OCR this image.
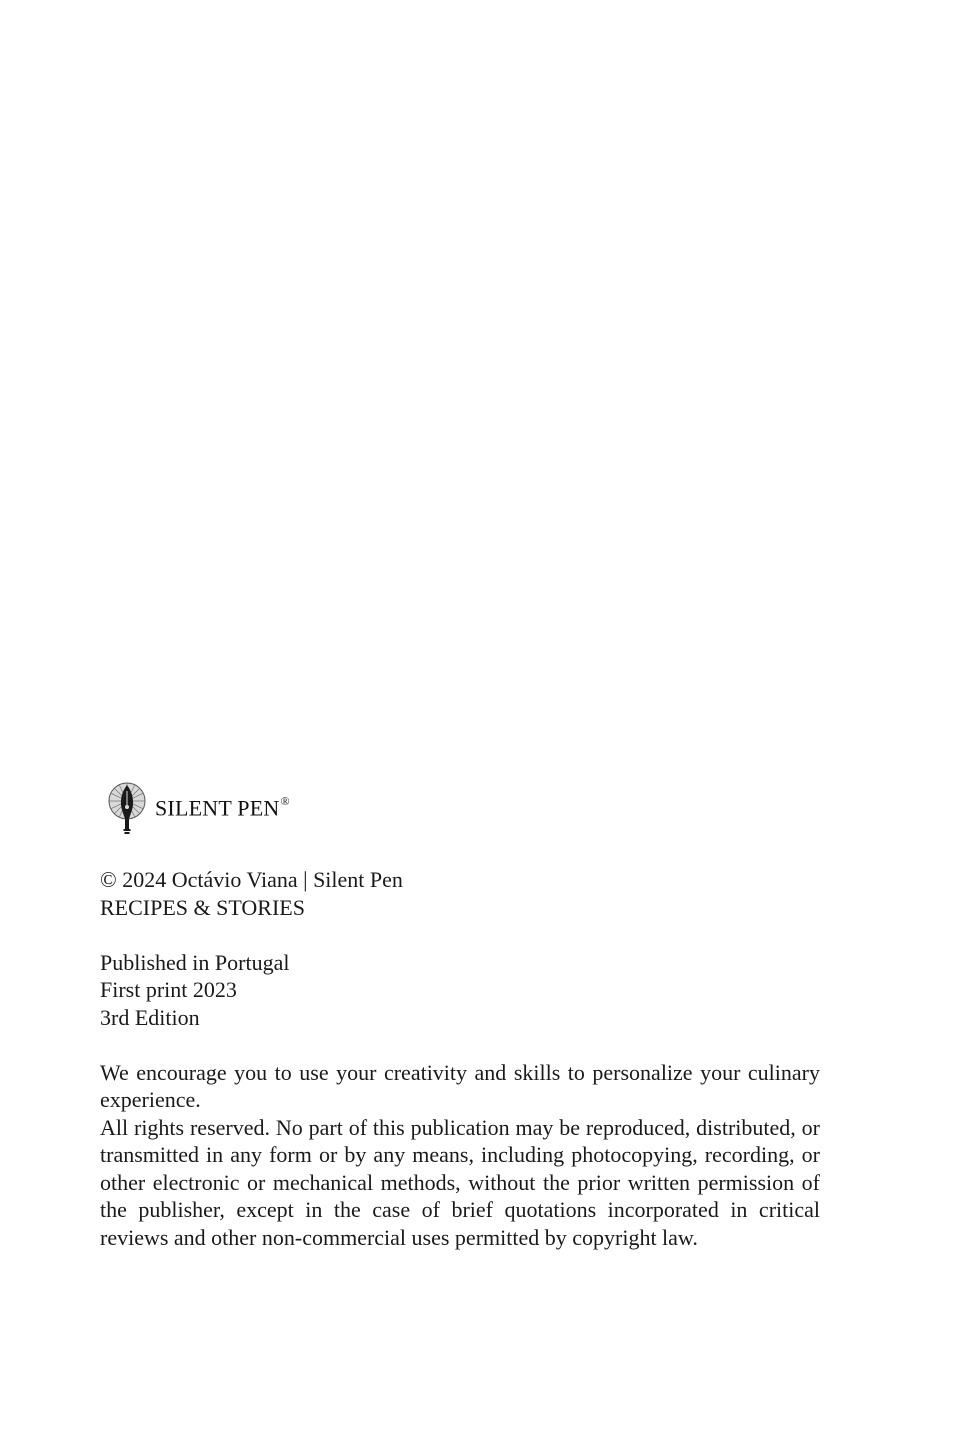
SILENT PEN®
© 2024 Octávio Viana | Silent Pen
RECIPES & STORIES
Published in Portugal
First print 2023
3rd Edition
We encourage you to use your creativity and skills to personalize your culinary experience.
All rights reserved. No part of this publication may be reproduced, distributed, or transmitted in any form or by any means, including photocopying, recording, or other electronic or mechanical methods, without the prior written permission of the publisher, except in the case of brief quotations incorporated in critical reviews and other non-commercial uses permitted by copyright law.
